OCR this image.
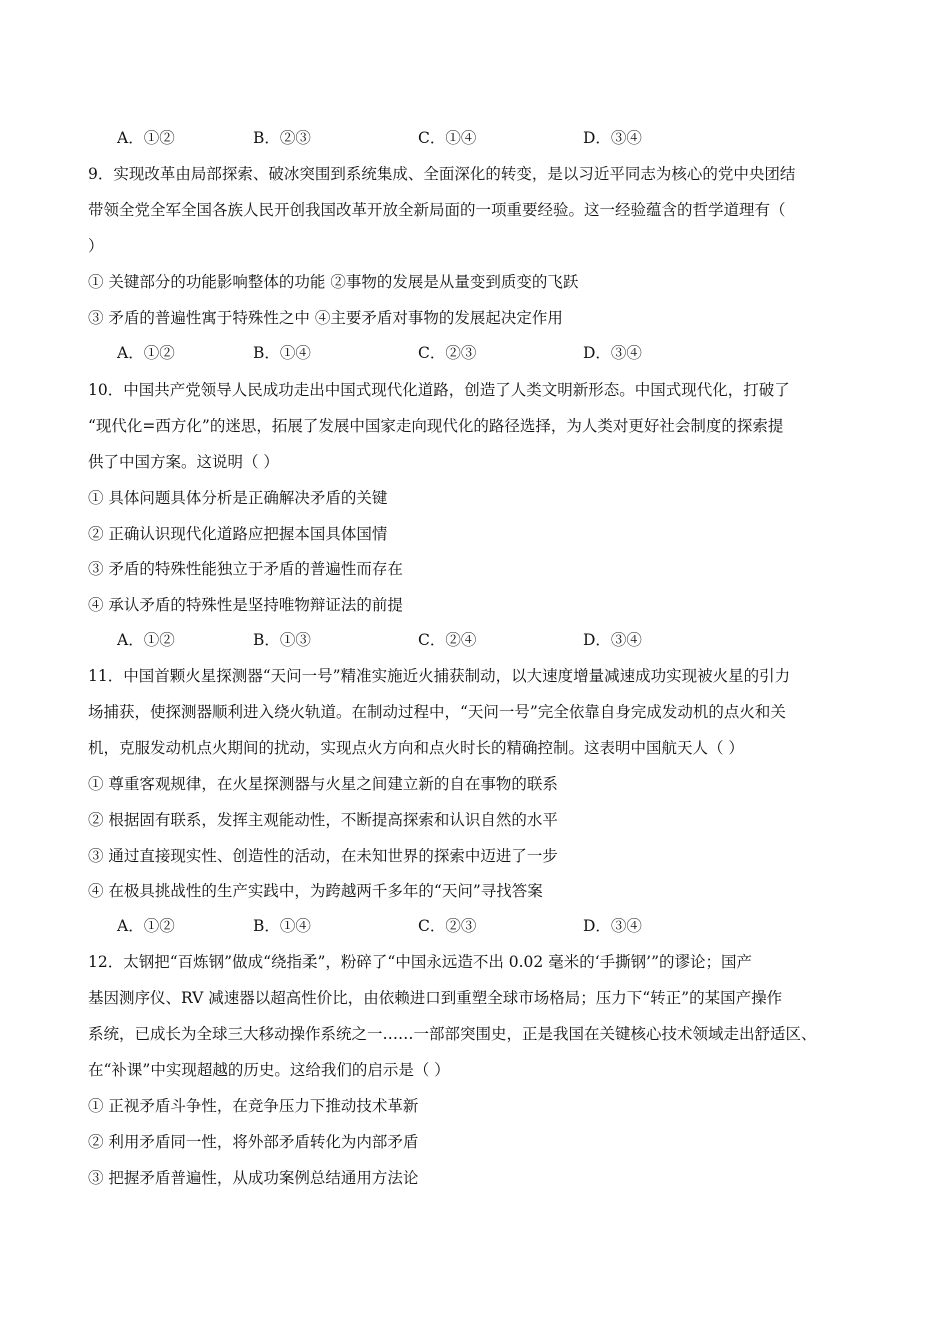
A．①②	B．②③	C．①④	D．③④
9．实现改革由局部探索、破冰突围到系统集成、全面深化的转变，是以习近平同志为核心的党中央团结
带领全党全军全国各族人民开创我国改革开放全新局面的一项重要经验。这一经验蕴含的哲学道理有（
）
① 关键部分的功能影响整体的功能 ②事物的发展是从量变到质变的飞跃
③ 矛盾的普遍性寓于特殊性之中 ④主要矛盾对事物的发展起决定作用
A．①②	B．①④	C．②③	D．③④
10．中国共产党领导人民成功走出中国式现代化道路，创造了人类文明新形态。中国式现代化，打破了
“现代化=西方化”的迷思，拓展了发展中国家走向现代化的路径选择，为人类对更好社会制度的探索提
供了中国方案。这说明（ ）
① 具体问题具体分析是正确解决矛盾的关键
② 正确认识现代化道路应把握本国具体国情
③ 矛盾的特殊性能独立于矛盾的普遍性而存在
④ 承认矛盾的特殊性是坚持唯物辩证法的前提
A．①②	B．①③	C．②④	D．③④
11．中国首颗火星探测器“天问一号”精准实施近火捕获制动，以大速度增量减速成功实现被火星的引力
场捕获，使探测器顺利进入绕火轨道。在制动过程中，“天问一号”完全依靠自身完成发动机的点火和关
机，克服发动机点火期间的扰动，实现点火方向和点火时长的精确控制。这表明中国航天人（ ）
① 尊重客观规律，在火星探测器与火星之间建立新的自在事物的联系
② 根据固有联系，发挥主观能动性，不断提高探索和认识自然的水平
③ 通过直接现实性、创造性的活动，在未知世界的探索中迈进了一步
④ 在极具挑战性的生产实践中，为跨越两千多年的“天问”寻找答案
A．①②	B．①④	C．②③	D．③④
12．太钢把“百炼钢”做成“绕指柔”，粉碎了“中国永远造不出 0.02 毫米的‘手撕钢’”的谬论；国产
基因测序仪、RV 减速器以超高性价比，由依赖进口到重塑全球市场格局；压力下“转正”的某国产操作
系统，已成长为全球三大移动操作系统之一……一部部突围史，正是我国在关键核心技术领域走出舒适区、
在“补课”中实现超越的历史。这给我们的启示是（ ）
① 正视矛盾斗争性，在竞争压力下推动技术革新
② 利用矛盾同一性，将外部矛盾转化为内部矛盾
③ 把握矛盾普遍性，从成功案例总结通用方法论
